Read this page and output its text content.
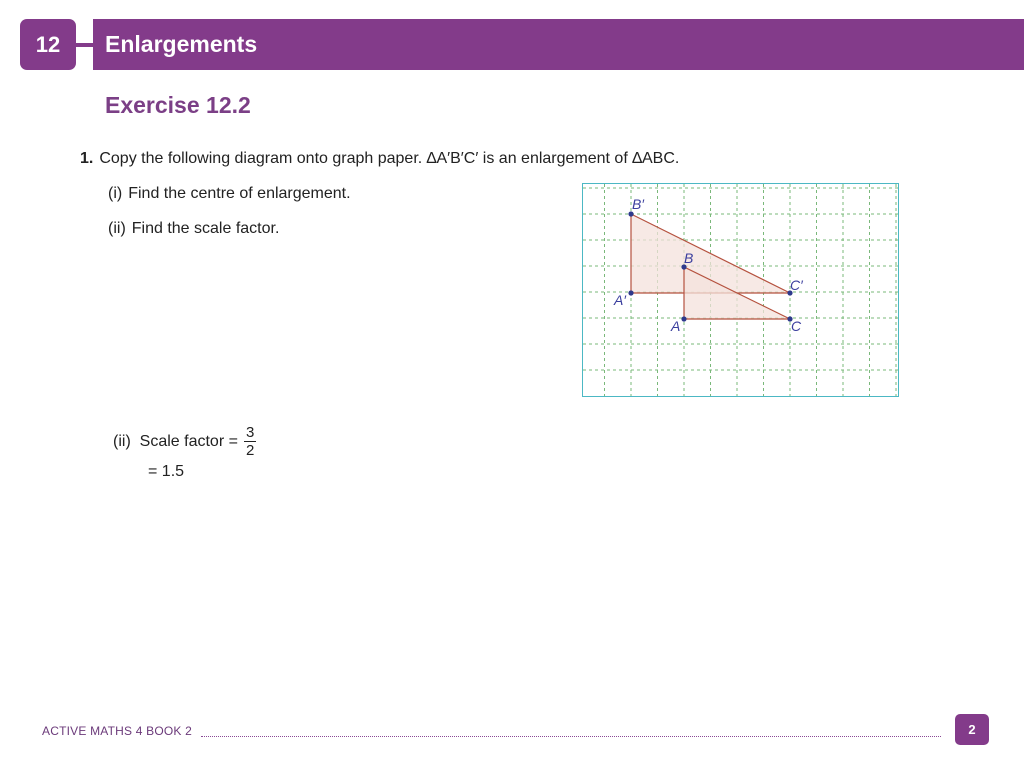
12	Enlargements
Exercise 12.2
1. Copy the following diagram onto graph paper. ∆A′B′C′ is an enlargement of ∆ABC.
(i) Find the centre of enlargement.
(ii) Find the scale factor.
B′
B
C′
A′
A	C
(ii)
Scale factor = $\frac{3}{2}$
= 1.5
ACTIVE MATHS 4 BOOK 2	2
